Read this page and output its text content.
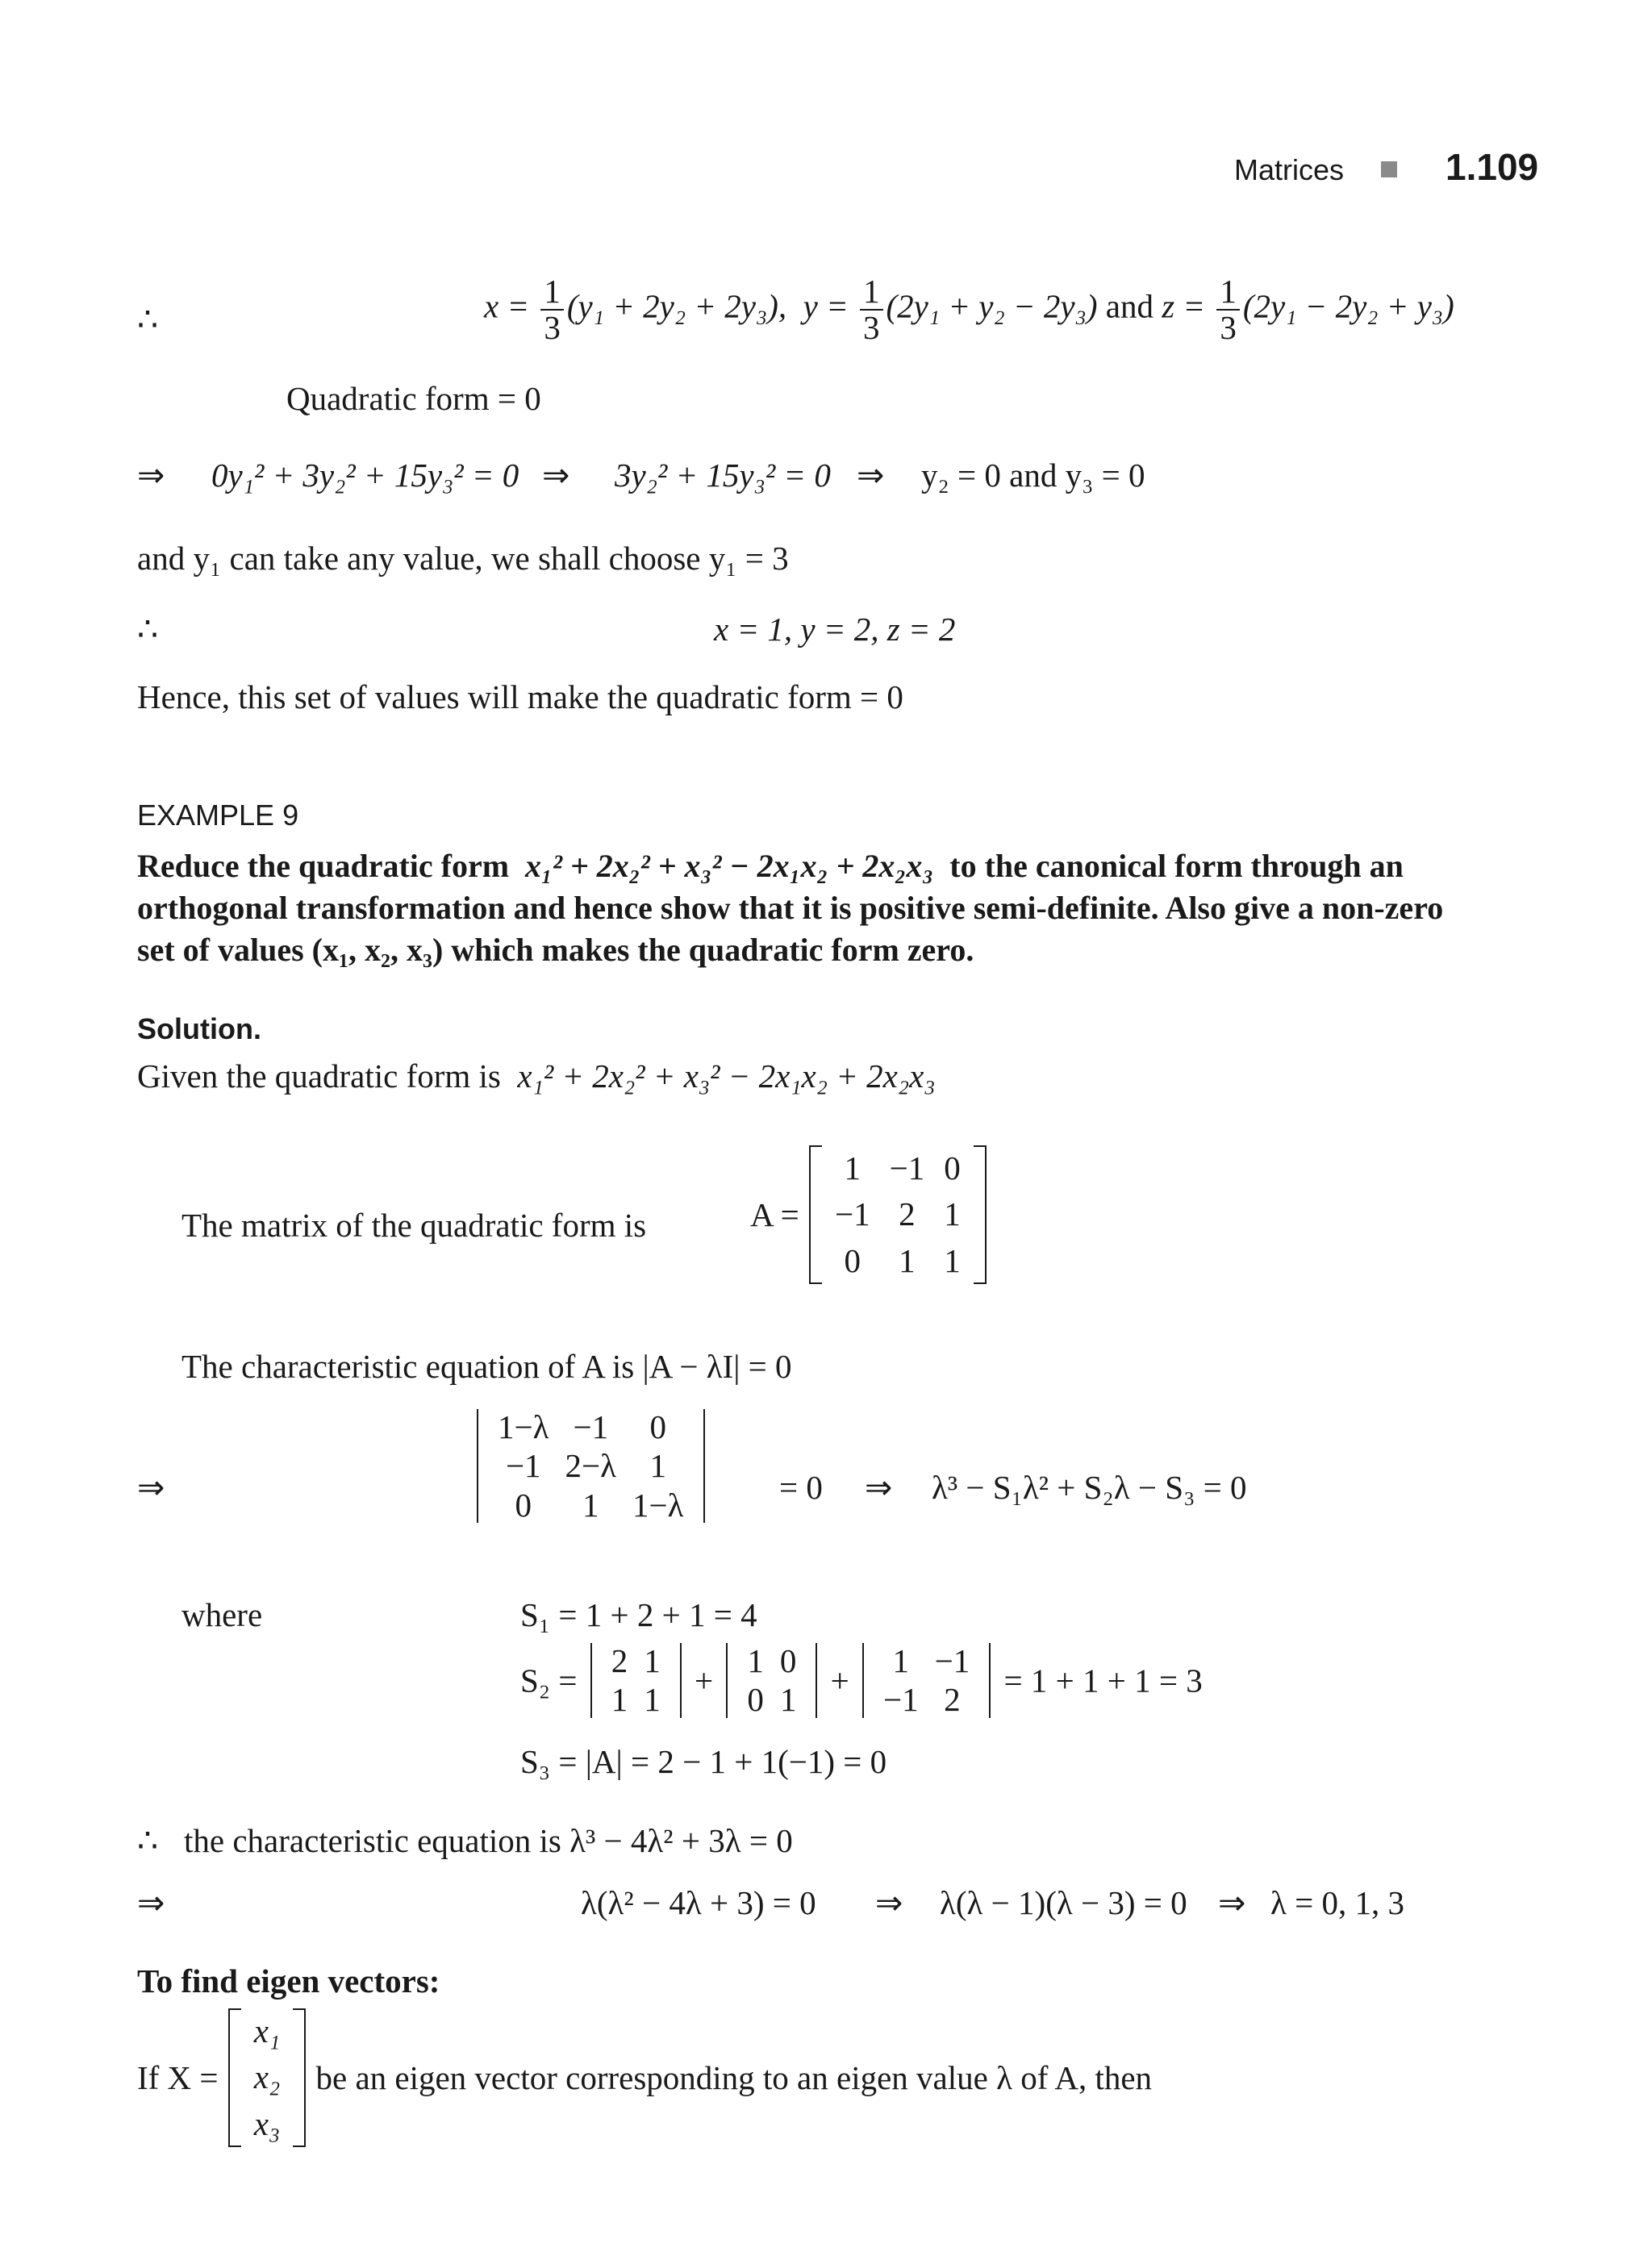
Matrices	1.109
∴	$x = \frac{1}{3} (y_1 + 2y_2 + 2y_3)$, $y = \frac{1}{3} (2y_1 + y_2 - 2y_3)$ and $z = \frac{1}{3} (2y_1 - 2y_2 + y_3)$
Quadratic form = 0
⇒ 0y₁² + 3y₂² + 15y₃² = 0 ⇒ 3y₂² + 15y₃² = 0 ⇒ y₂ = 0 and y₃ = 0
and y₁ can take any value, we shall choose y₁ = 3
∴	x = 1, y = 2, z = 2
Hence, this set of values will make the quadratic form = 0
EXAMPLE 9
Reduce the quadratic form x₁² + 2x₂² + x₃² − 2x₁x₂ + 2x₂x₃ to the canonical form through an
orthogonal transformation and hence show that it is positive semi-definite. Also give a non-zero
set of values (x₁, x₂, x₃) which makes the quadratic form zero.
Solution.
Given the quadratic form is x₁² + 2x₂² + x₃² − 2x₁x₂ + 2x₂x₃
The matrix of the quadratic form is	A =
1	−1	0
−1	2	1
0	1	1
The characteristic equation of A is |A − λI| = 0
⇒
1−λ	−1	0
−1	2−λ	1
0	1	1−λ	= 0 ⇒ λ³ − S₁λ² + S₂λ − S₃ = 0
where	S₁ = 1 + 2 + 1 = 4
S₂ =
2	1
1	1
+
1	0
0	1
+
1	−1
−1	2
= 1 + 1 + 1 = 3
S₃ = |A| = 2 − 1 + 1(−1) = 0
∴ the characteristic equation is λ³ − 4λ² + 3λ = 0
⇒	λ(λ² − 4λ + 3) = 0 ⇒ λ(λ − 1)(λ − 3) = 0 ⇒ λ = 0, 1, 3
To find eigen vectors:
If X =
x₁
x₂
x₃
be an eigen vector corresponding to an eigen value λ of A, then
